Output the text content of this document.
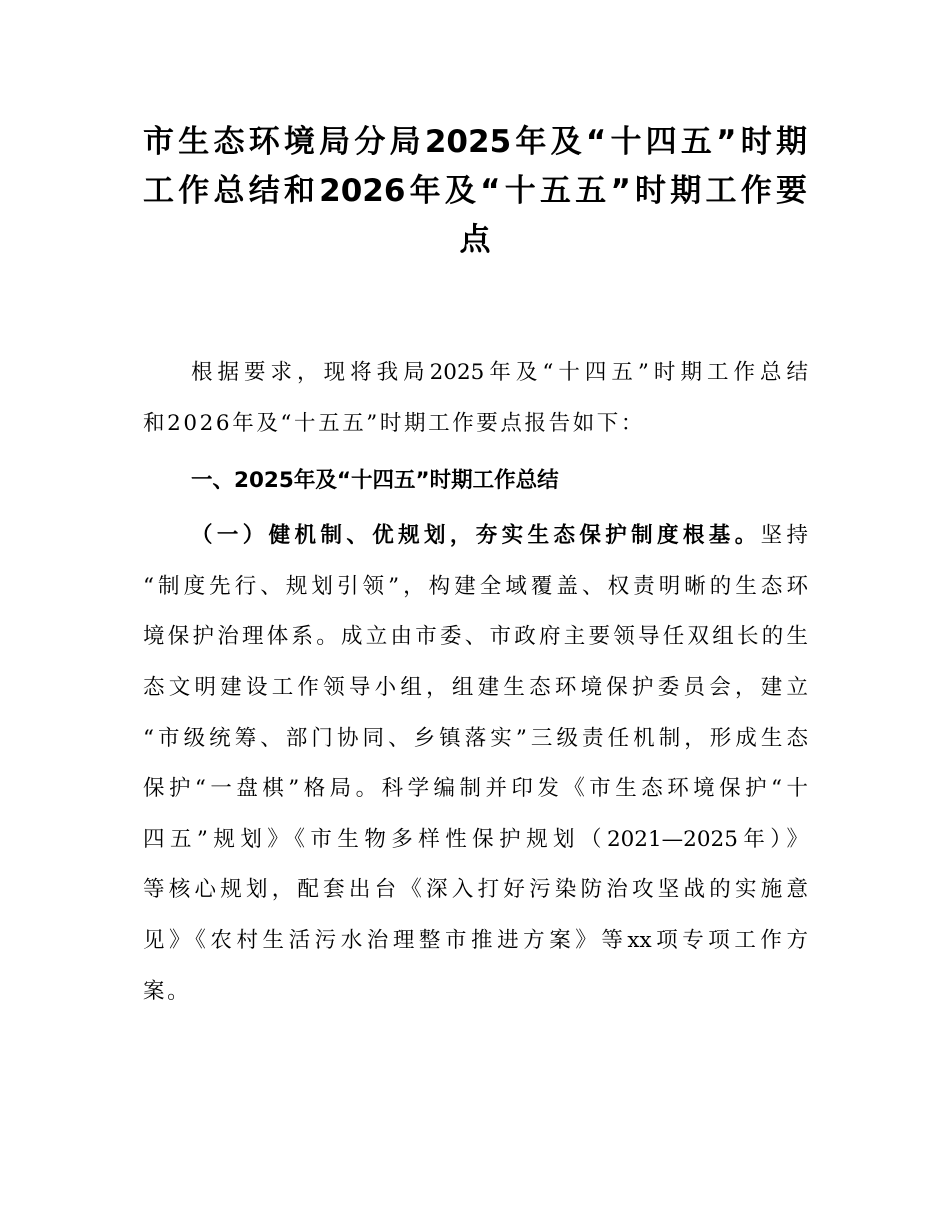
市生态环境局分局2025年及“十四五”时期
工作总结和2026年及“十五五”时期工作要
点
根据要求，现将我局2025年及“十四五”时期工作总结
和2026年及“十五五”时期工作要点报告如下：
一、2025年及“十四五”时期工作总结
（一）健机制、优规划，夯实生态保护制度根基。坚持
“制度先行、规划引领”，构建全域覆盖、权责明晰的生态环
境保护治理体系。成立由市委、市政府主要领导任双组长的生
态文明建设工作领导小组，组建生态环境保护委员会，建立
“市级统筹、部门协同、乡镇落实”三级责任机制，形成生态
保护“一盘棋”格局。科学编制并印发《市生态环境保护“十
四五”规划》《市生物多样性保护规划（2021—2025年）》
等核心规划，配套出台《深入打好污染防治攻坚战的实施意
见》《农村生活污水治理整市推进方案》等xx项专项工作方
案。
